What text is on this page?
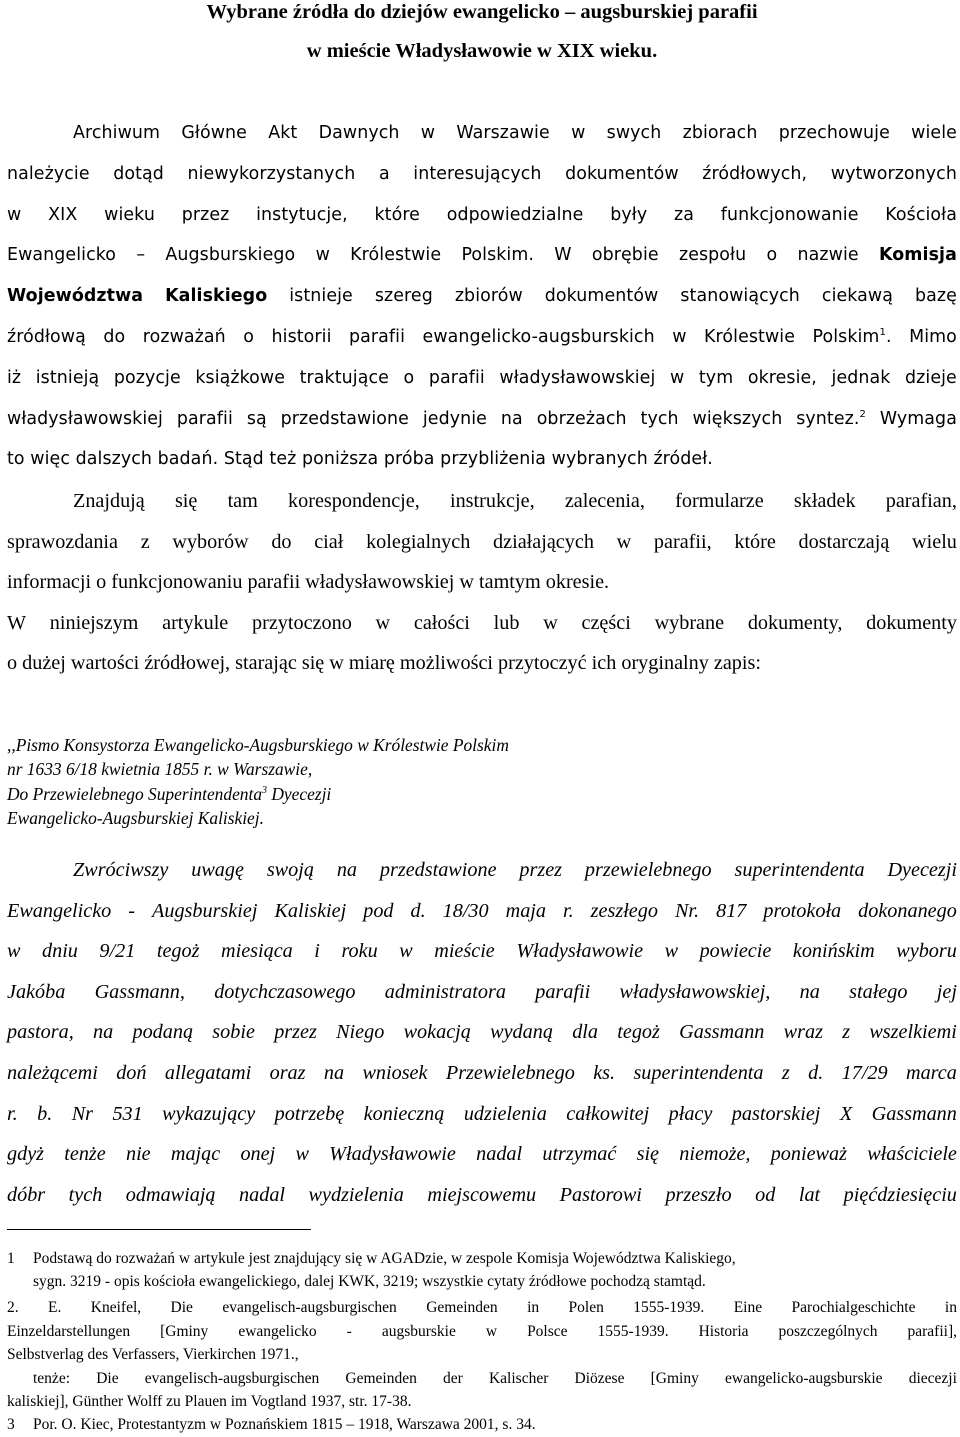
Wybrane źródła do dziejów ewangelicko – augsburskiej parafii
w mieście Władysławowie w XIX wieku.
Archiwum Główne Akt Dawnych w Warszawie w swych zbiorach przechowuje wiele
należycie dotąd niewykorzystanych a interesujących dokumentów źródłowych, wytworzonych
w XIX wieku przez instytucje, które odpowiedzialne były za funkcjonowanie Kościoła
Ewangelicko – Augsburskiego w Królestwie Polskim. W obrębie zespołu o nazwie Komisja
Województwa Kaliskiego istnieje szereg zbiorów dokumentów stanowiących ciekawą bazę
źródłową do rozważań o historii parafii ewangelicko-augsburskich w Królestwie Polskim$^1$. Mimo
iż istnieją pozycje książkowe traktujące o parafii władysławowskiej w tym okresie, jednak dzieje
władysławowskiej parafii są przedstawione jedynie na obrzeżach tych większych syntez.$^2$ Wymaga
to więc dalszych badań. Stąd też poniższa próba przybliżenia wybranych źródeł.
Znajdują się tam korespondencje, instrukcje, zalecenia, formularze składek parafian,
sprawozdania z wyborów do ciał kolegialnych działających w parafii, które dostarczają wielu
informacji o funkcjonowaniu parafii władysławowskiej w tamtym okresie.
W niniejszym artykule przytoczono w całości lub w części wybrane dokumenty, dokumenty
o dużej wartości źródłowej, starając się w miarę możliwości przytoczyć ich oryginalny zapis:
,,Pismo Konsystorza Ewangelicko-Augsburskiego w Królestwie Polskim
nr 1633 6/18 kwietnia 1855 r. w Warszawie,
Do Przewielebnego Superintendenta$^3$ Dyecezji
Ewangelicko-Augsburskiej Kaliskiej.
Zwróciwszy uwagę swoją na przedstawione przez przewielebnego superintendenta Dyecezji
Ewangelicko - Augsburskiej Kaliskiej pod d. 18/30 maja r. zeszłego Nr. 817 protokoła dokonanego
w dniu 9/21 tegoż miesiąca i roku w mieście Władysławowie w powiecie konińskim wyboru
Jakóba Gassmann, dotychczasowego administratora parafii władysławowskiej, na stałego jej
pastora, na podaną sobie przez Niego wokacją wydaną dla tegoż Gassmann wraz z wszelkiemi
należącemi doń allegatami oraz na wniosek Przewielebnego ks. superintendenta z d. 17/29 marca
r. b. Nr 531 wykazujący potrzebę konieczną udzielenia całkowitej płacy pastorskiej X Gassmann
gdyż tenże nie mając onej w Władysławowie nadal utrzymać się niemoże, ponieważ właściciele
dóbr tych odmawiają nadal wydzielenia miejscowemu Pastorowi przeszło od lat pięćdziesięciu
1 Podstawą do rozważań w artykule jest znajdujący się w AGADzie, w zespole Komisja Województwa Kaliskiego,
sygn. 3219 - opis kościoła ewangelickiego, dalej KWK, 3219; wszystkie cytaty źródłowe pochodzą stamtąd.
2. E. Kneifel, Die evangelisch-augsburgischen Gemeinden in Polen 1555-1939. Eine Parochialgeschichte in
Einzeldarstellungen [Gminy ewangelicko - augsburskie w Polsce 1555-1939. Historia poszczególnych parafii],
Selbstverlag des Verfassers, Vierkirchen 1971.,
tenże: Die evangelisch-augsburgischen Gemeinden der Kalischer Diözese [Gminy ewangelicko-augsburskie diecezji
kaliskiej], Günther Wolff zu Plauen im Vogtland 1937, str. 17-38.
3 Por. O. Kiec, Protestantyzm w Poznańskiem 1815 – 1918, Warszawa 2001, s. 34.
